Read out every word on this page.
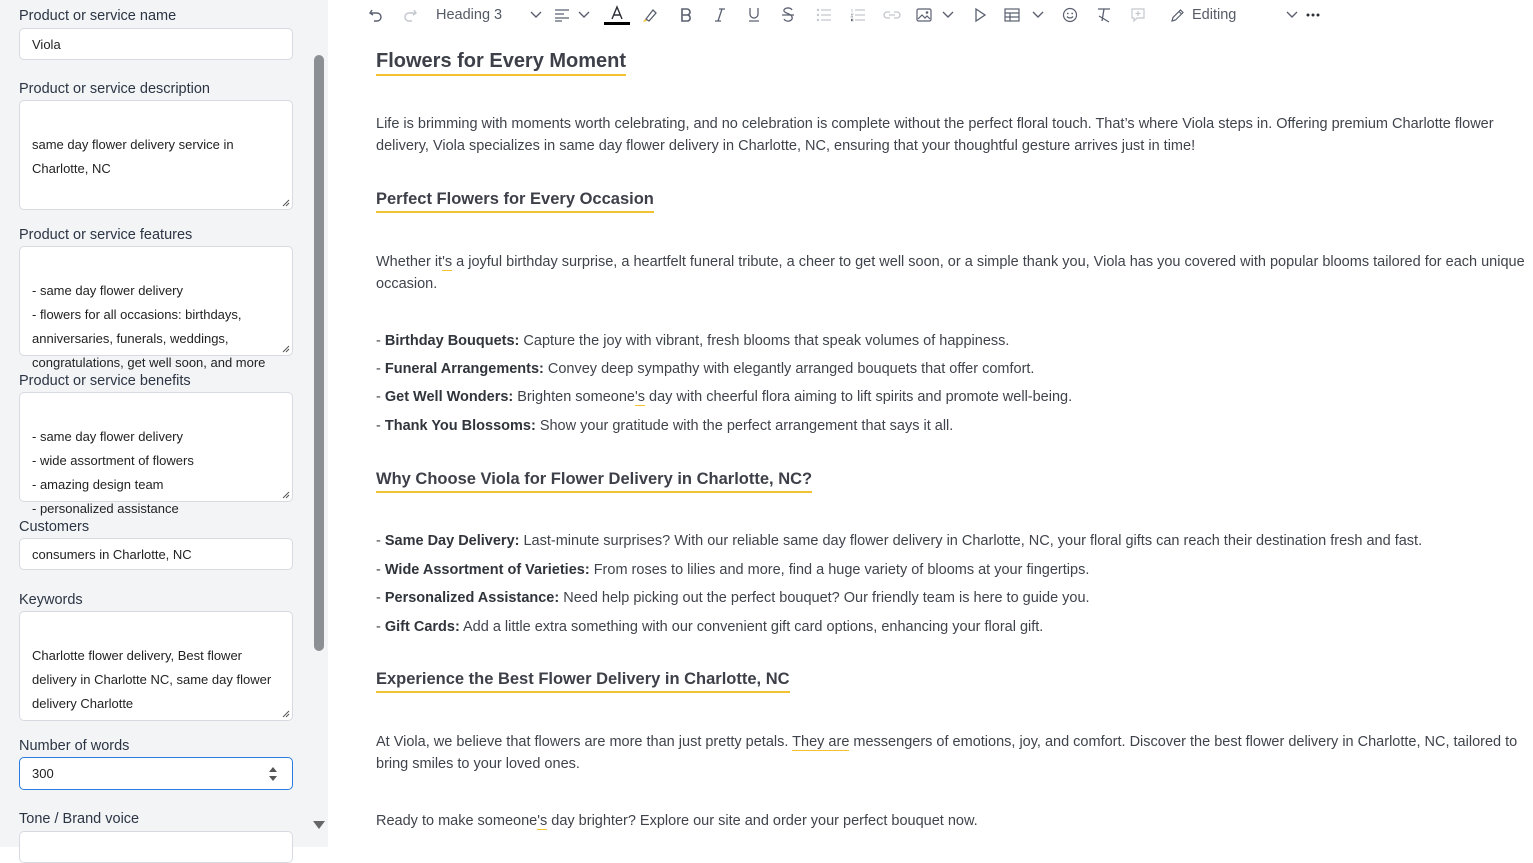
Product or service name
Viola
Product or service description

same day flower delivery service in Charlotte, NC

Product or service features

- same day flower delivery
- flowers for all occasions: birthdays, anniversaries, funerals, weddings, congratulations, get well soon, and more

Product or service benefits

- same day flower delivery
- wide assortment of flowers
- amazing design team
- personalized assistance

Customers
consumers in Charlotte, NC
Keywords

Charlotte flower delivery, Best flower delivery in Charlotte NC, same day flower delivery Charlotte

Number of words
300
Tone / Brand voice
Heading 3	Editing
Flowers for Every Moment
Life is brimming with moments worth celebrating, and no celebration is complete without the perfect floral touch. That’s where Viola steps in. Offering premium Charlotte flower delivery, Viola specializes in same day flower delivery in Charlotte, NC, ensuring that your thoughtful gesture arrives just in time!
Perfect Flowers for Every Occasion
Whether it's a joyful birthday surprise, a heartfelt funeral tribute, a cheer to get well soon, or a simple thank you, Viola has you covered with popular blooms tailored for each unique occasion.
- Birthday Bouquets: Capture the joy with vibrant, fresh blooms that speak volumes of happiness.
- Funeral Arrangements: Convey deep sympathy with elegantly arranged bouquets that offer comfort.
- Get Well Wonders: Brighten someone's day with cheerful flora aiming to lift spirits and promote well-being.
- Thank You Blossoms: Show your gratitude with the perfect arrangement that says it all.
Why Choose Viola for Flower Delivery in Charlotte, NC?
- Same Day Delivery: Last-minute surprises? With our reliable same day flower delivery in Charlotte, NC, your floral gifts can reach their destination fresh and fast.
- Wide Assortment of Varieties: From roses to lilies and more, find a huge variety of blooms at your fingertips.
- Personalized Assistance: Need help picking out the perfect bouquet? Our friendly team is here to guide you.
- Gift Cards: Add a little extra something with our convenient gift card options, enhancing your floral gift.
Experience the Best Flower Delivery in Charlotte, NC
At Viola, we believe that flowers are more than just pretty petals. They are messengers of emotions, joy, and comfort. Discover the best flower delivery in Charlotte, NC, tailored to bring smiles to your loved ones.
Ready to make someone's day brighter? Explore our site and order your perfect bouquet now.
